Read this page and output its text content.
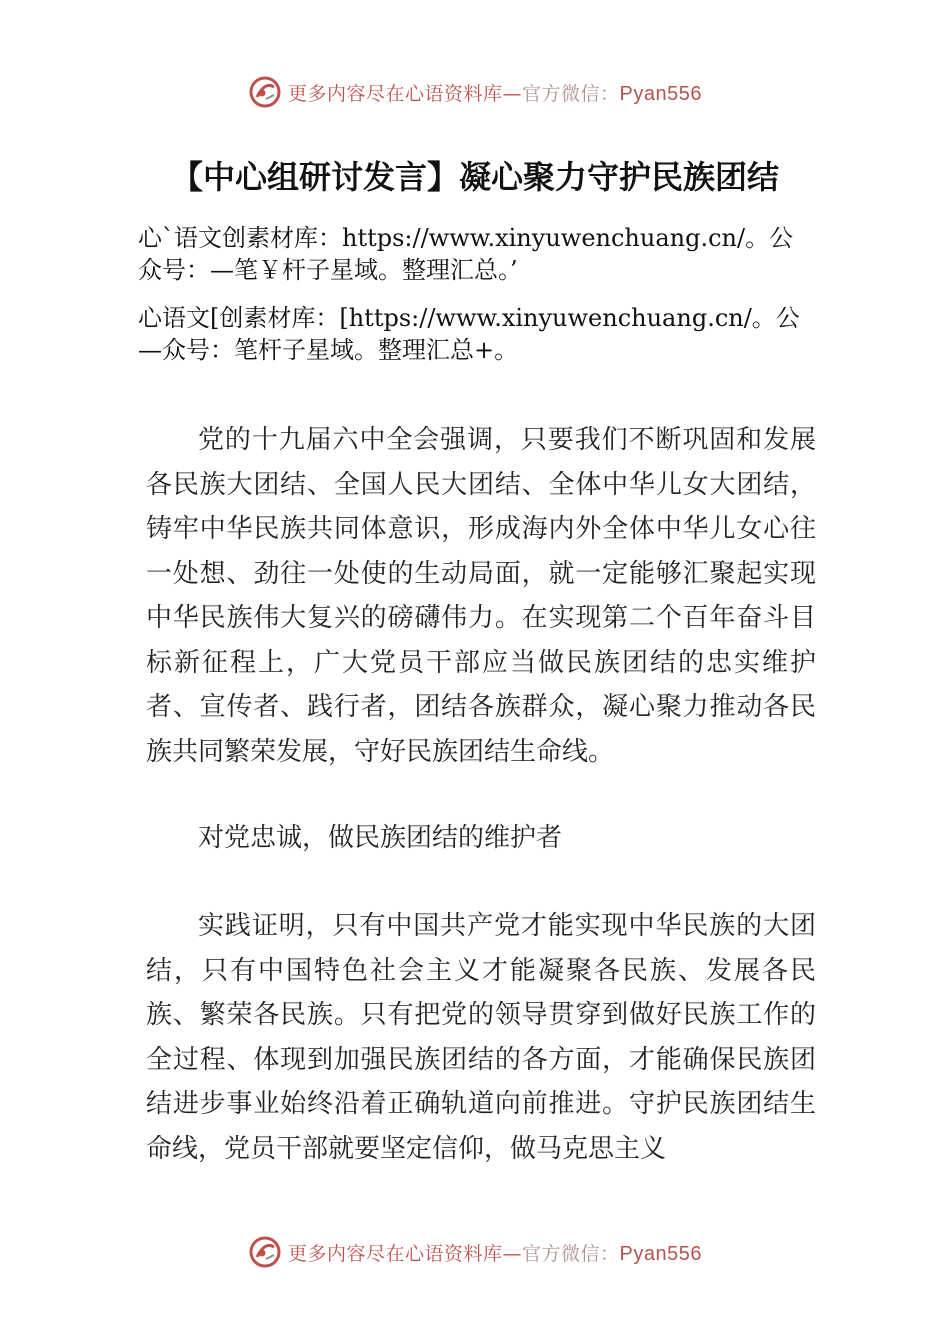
更多内容尽在心语资料库—官方微信：Pyan556
【中心组研讨发言】凝心聚力守护民族团结
心`语文创素材库：https://www.xinyuwenchuang.cn/。公
众号：—笔￥杆子星域。整理汇总。’
心语文[创素材库：[https://www.xinyuwenchuang.cn/。公
—众号：笔杆子星域。整理汇总+。

党的十九届六中全会强调，只要我们不断巩固和发展各民族大团结、全国人民大团结、全体中华儿女大团结，铸牢中华民族共同体意识，形成海内外全体中华儿女心往一处想、劲往一处使的生动局面，就一定能够汇聚起实现中华民族伟大复兴的磅礴伟力。在实现第二个百年奋斗目标新征程上，广大党员干部应当做民族团结的忠实维护者、宣传者、践行者，团结各族群众，凝心聚力推动各民族共同繁荣发展，守好民族团结生命线。

对党忠诚，做民族团结的维护者

实践证明，只有中国共产党才能实现中华民族的大团结，只有中国特色社会主义才能凝聚各民族、发展各民族、繁荣各民族。只有把党的领导贯穿到做好民族工作的全过程、体现到加强民族团结的各方面，才能确保民族团结进步事业始终沿着正确轨道向前推进。守护民族团结生命线，党员干部就要坚定信仰，做马克思主义

更多内容尽在心语资料库—官方微信：Pyan556
